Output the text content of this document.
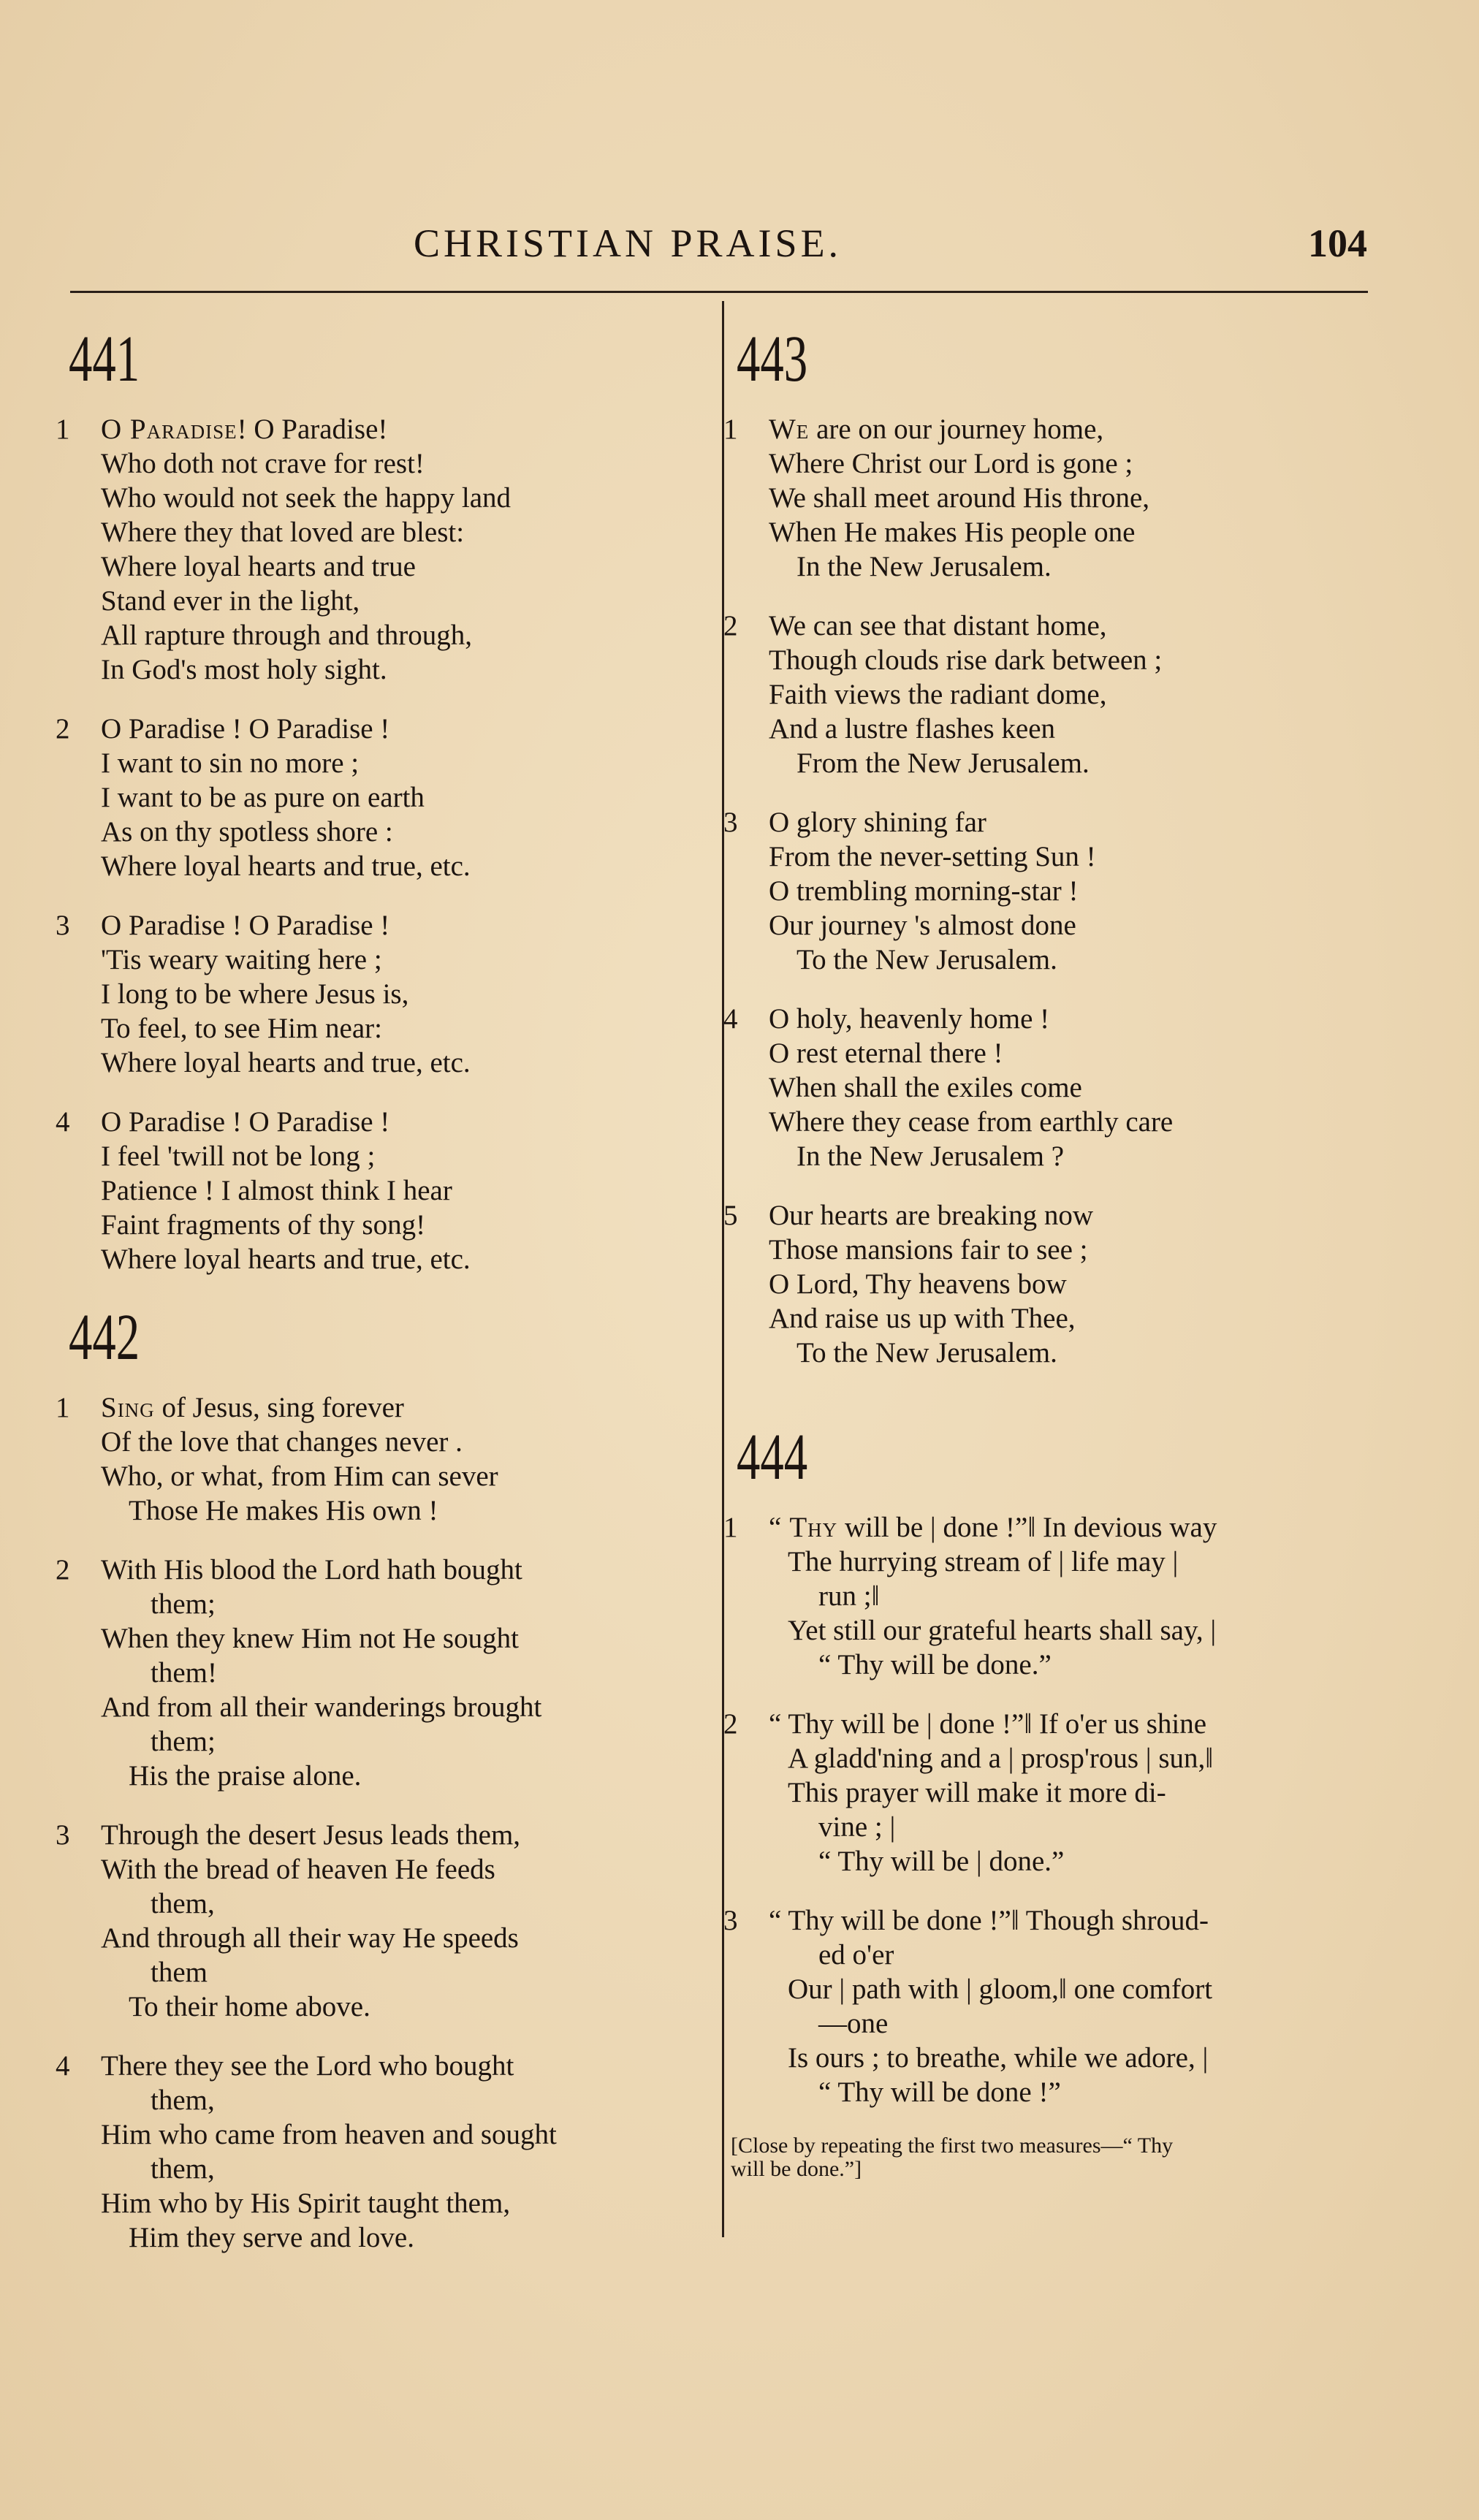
CHRISTIAN PRAISE.	104
441
1	O Paradise! O Paradise!
Who doth not crave for rest!
Who would not seek the happy land
Where they that loved are blest:
Where loyal hearts and true
Stand ever in the light,
All rapture through and through,
In God's most holy sight.
2	O Paradise ! O Paradise !
I want to sin no more ;
I want to be as pure on earth
As on thy spotless shore :
Where loyal hearts and true, etc.
3	O Paradise ! O Paradise !
'Tis weary waiting here ;
I long to be where Jesus is,
To feel, to see Him near:
Where loyal hearts and true, etc.
4	O Paradise ! O Paradise !
I feel 'twill not be long ;
Patience ! I almost think I hear
Faint fragments of thy song!
Where loyal hearts and true, etc.
442
1	Sing of Jesus, sing forever
Of the love that changes never .
Who, or what, from Him can sever
Those He makes His own !
2	With His blood the Lord hath bought
them;
When they knew Him not He sought
them!
And from all their wanderings brought
them;
His the praise alone.
3	Through the desert Jesus leads them,
With the bread of heaven He feeds
them,
And through all their way He speeds
them
To their home above.
4	There they see the Lord who bought
them,
Him who came from heaven and sought
them,
Him who by His Spirit taught them,
Him they serve and love.
443
1	We are on our journey home,
Where Christ our Lord is gone ;
We shall meet around His throne,
When He makes His people one
In the New Jerusalem.
2	We can see that distant home,
Though clouds rise dark between ;
Faith views the radiant dome,
And a lustre flashes keen
From the New Jerusalem.
3	O glory shining far
From the never-setting Sun !
O trembling morning-star !
Our journey 's almost done
To the New Jerusalem.
4	O holy, heavenly home !
O rest eternal there !
When shall the exiles come
Where they cease from earthly care
In the New Jerusalem ?
5	Our hearts are breaking now
Those mansions fair to see ;
O Lord, Thy heavens bow
And raise us up with Thee,
To the New Jerusalem.
444
1	“ Thy will be | done !”‖ In devious way
The hurrying stream of | life may |
run ;‖
Yet still our grateful hearts shall say, |
“ Thy will be done.”
2	“ Thy will be | done !”‖ If o'er us shine
A gladd'ning and a | prosp'rous | sun,‖
This prayer will make it more di-
vine ; |
“ Thy will be | done.”
3	“ Thy will be done !”‖ Though shroud-
ed o'er
Our | path with | gloom,‖ one comfort
—one
Is ours ; to breathe, while we adore, |
“ Thy will be done !”
[Close by repeating the first two measures—“ Thy
will be done.”]
